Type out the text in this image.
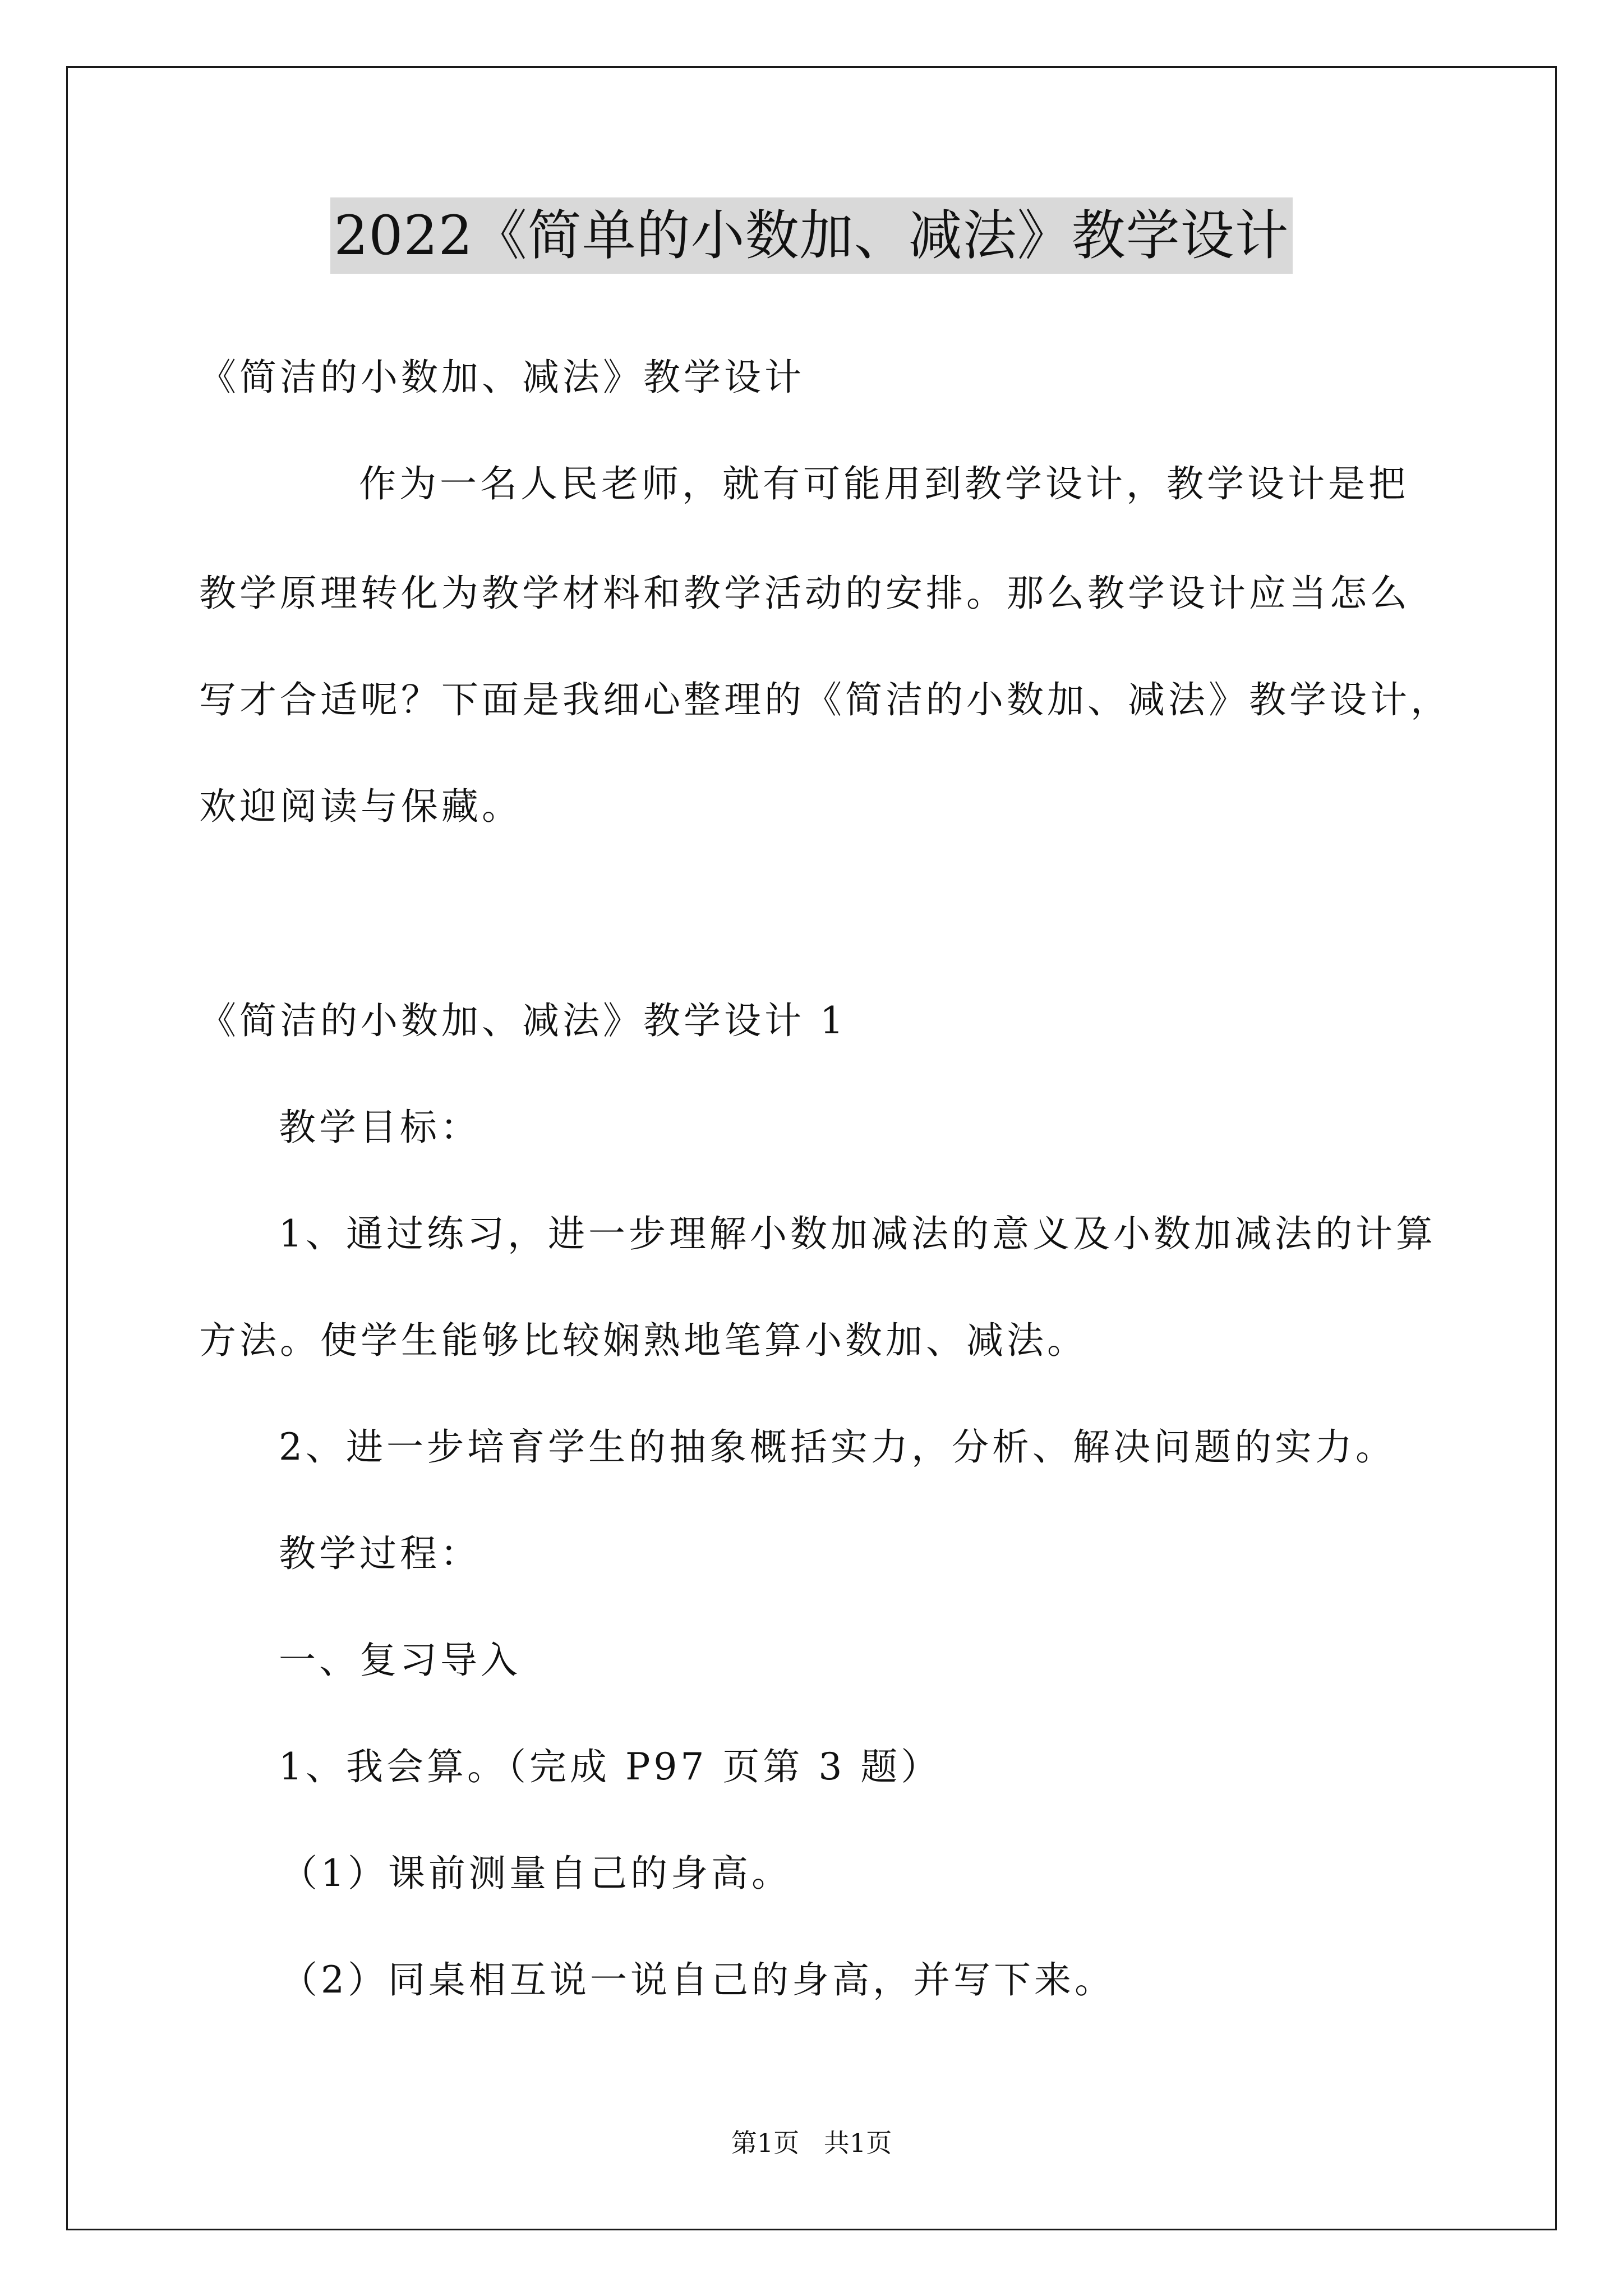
2022《简单的小数加、减法》教学设计
《简洁的小数加、减法》教学设计
作为一名人民老师，就有可能用到教学设计，教学设计是把
教学原理转化为教学材料和教学活动的安排。那么教学设计应当怎么
写才合适呢？下面是我细心整理的《简洁的小数加、减法》教学设计，
欢迎阅读与保藏。
《简洁的小数加、减法》教学设计 1
教学目标：
1、通过练习，进一步理解小数加减法的意义及小数加减法的计算
方法。使学生能够比较娴熟地笔算小数加、减法。
2、进一步培育学生的抽象概括实力，分析、解决问题的实力。
教学过程：
一、复习导入
1、我会算。（完成 P97 页第 3 题）
（1）课前测量自己的身高。
（2）同桌相互说一说自己的身高，并写下来。
第1页   共1页
